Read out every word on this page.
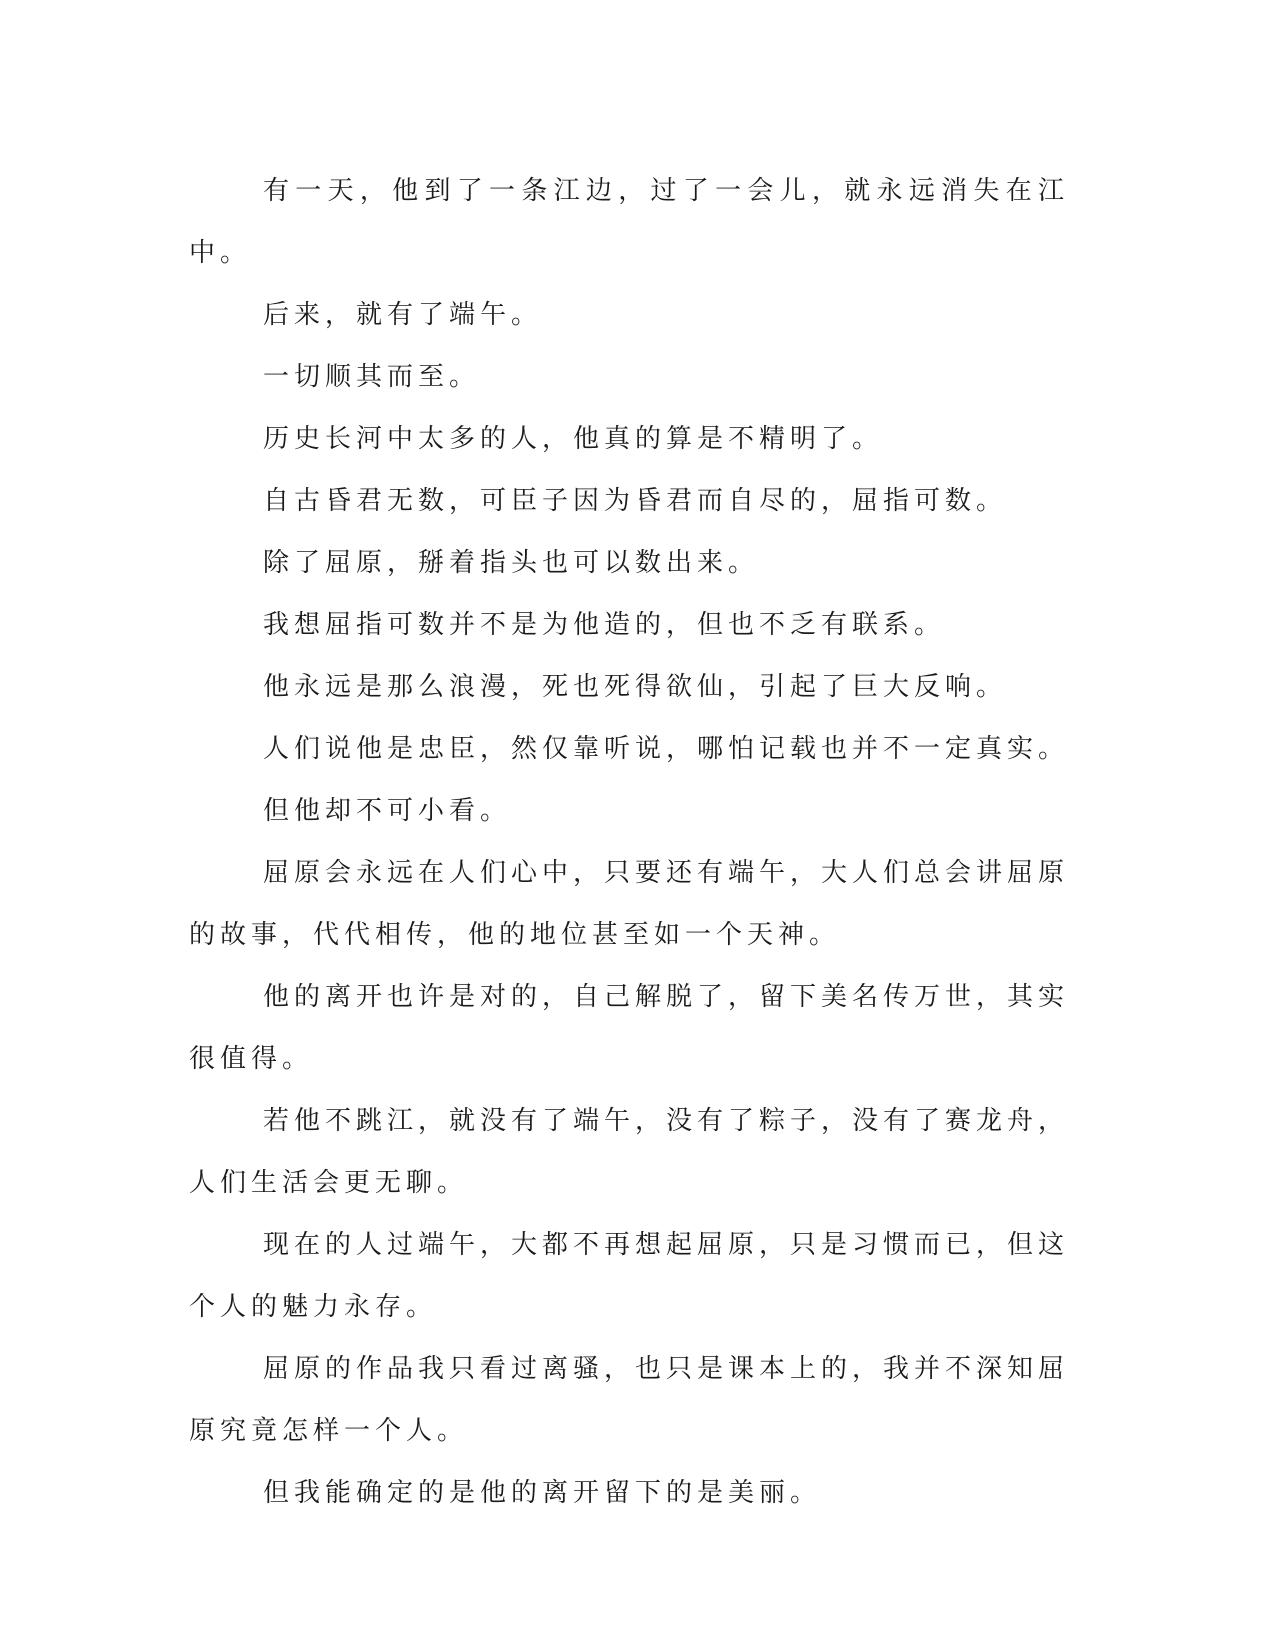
有一天，他到了一条江边，过了一会儿，就永远消失在江中。

后来，就有了端午。

一切顺其而至。

历史长河中太多的人，他真的算是不精明了。

自古昏君无数，可臣子因为昏君而自尽的，屈指可数。

除了屈原，掰着指头也可以数出来。

我想屈指可数并不是为他造的，但也不乏有联系。

他永远是那么浪漫，死也死得欲仙，引起了巨大反响。

人们说他是忠臣，然仅靠听说，哪怕记载也并不一定真实。

但他却不可小看。

屈原会永远在人们心中，只要还有端午，大人们总会讲屈原的故事，代代相传，他的地位甚至如一个天神。

他的离开也许是对的，自己解脱了，留下美名传万世，其实很值得。

若他不跳江，就没有了端午，没有了粽子，没有了赛龙舟，人们生活会更无聊。

现在的人过端午，大都不再想起屈原，只是习惯而已，但这个人的魅力永存。

屈原的作品我只看过离骚，也只是课本上的，我并不深知屈原究竟怎样一个人。

但我能确定的是他的离开留下的是美丽。
